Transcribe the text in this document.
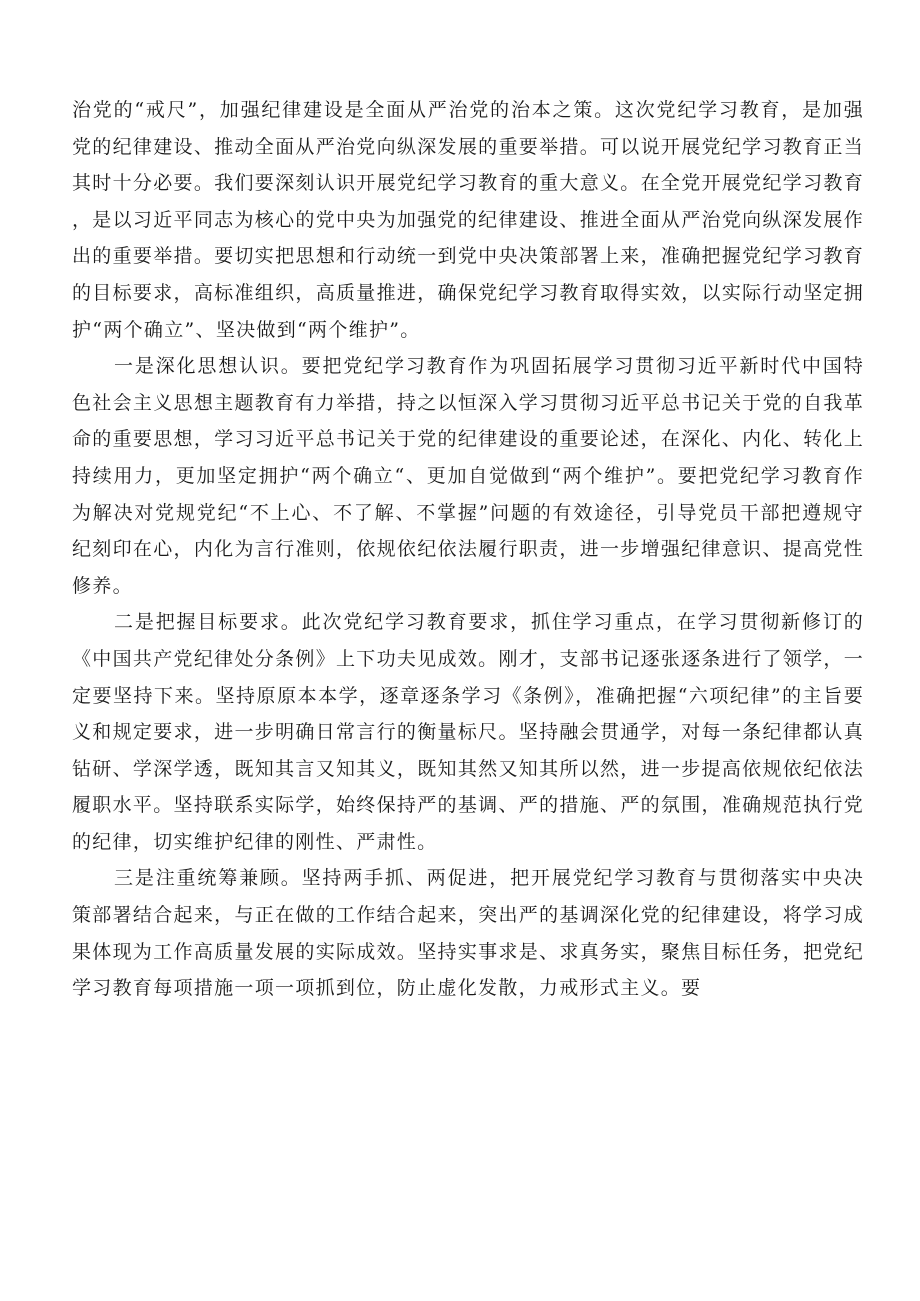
治党的“戒尺”，加强纪律建设是全面从严治党的治本之策。这次党纪学习教育，是加强党的纪律建设、推动全面从严治党向纵深发展的重要举措。可以说开展党纪学习教育正当其时十分必要。我们要深刻认识开展党纪学习教育的重大意义。在全党开展党纪学习教育，是以习近平同志为核心的党中央为加强党的纪律建设、推进全面从严治党向纵深发展作出的重要举措。要切实把思想和行动统一到党中央决策部署上来，准确把握党纪学习教育的目标要求，高标准组织，高质量推进，确保党纪学习教育取得实效，以实际行动坚定拥护“两个确立”、坚决做到“两个维护”。

一是深化思想认识。要把党纪学习教育作为巩固拓展学习贯彻习近平新时代中国特色社会主义思想主题教育有力举措，持之以恒深入学习贯彻习近平总书记关于党的自我革命的重要思想，学习习近平总书记关于党的纪律建设的重要论述，在深化、内化、转化上持续用力，更加坚定拥护“两个确立“、更加自觉做到“两个维护”。要把党纪学习教育作为解决对党规党纪“不上心、不了解、不掌握”问题的有效途径，引导党员干部把遵规守纪刻印在心，内化为言行准则，依规依纪依法履行职责，进一步增强纪律意识、提高党性修养。

二是把握目标要求。此次党纪学习教育要求，抓住学习重点，在学习贯彻新修订的《中国共产党纪律处分条例》上下功夫见成效。刚才，支部书记逐张逐条进行了领学，一定要坚持下来。坚持原原本本学，逐章逐条学习《条例》，准确把握“六项纪律”的主旨要义和规定要求，进一步明确日常言行的衡量标尺。坚持融会贯通学，对每一条纪律都认真钻研、学深学透，既知其言又知其义，既知其然又知其所以然，进一步提高依规依纪依法履职水平。坚持联系实际学，始终保持严的基调、严的措施、严的氛围，准确规范执行党的纪律，切实维护纪律的刚性、严肃性。

三是注重统筹兼顾。坚持两手抓、两促进，把开展党纪学习教育与贯彻落实中央决策部署结合起来，与正在做的工作结合起来，突出严的基调深化党的纪律建设，将学习成果体现为工作高质量发展的实际成效。坚持实事求是、求真务实，聚焦目标任务，把党纪学习教育每项措施一项一项抓到位，防止虚化发散，力戒形式主义。要
